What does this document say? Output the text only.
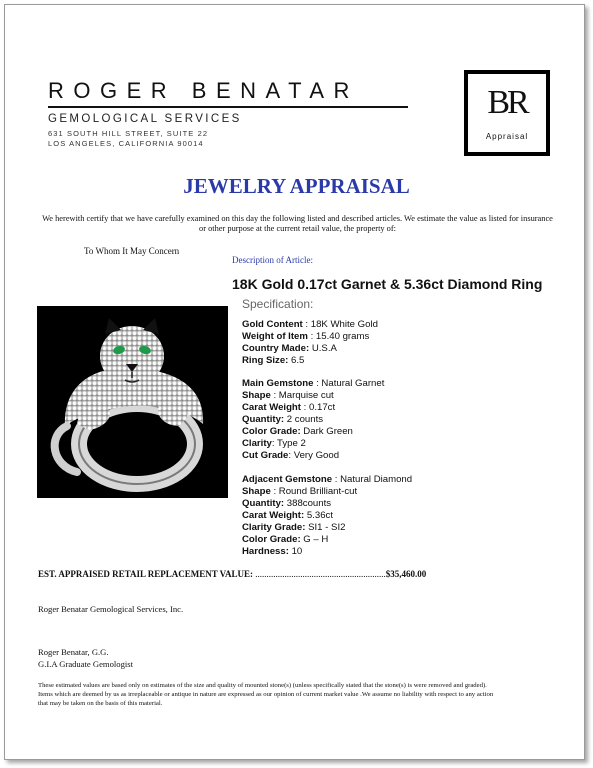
ROGER BENATAR
GEMOLOGICAL SERVICES
631 SOUTH HILL STREET, SUITE 22
LOS ANGELES, CALIFORNIA 90014
BR
Appraisal
JEWELRY APPRAISAL
We herewith certify that we have carefully examined on this day the following listed and described articles. We estimate the value as listed for insurance or other purpose at the current retail value, the property of:
To Whom It May Concern
Description of Article:
18K Gold 0.17ct Garnet & 5.36ct Diamond Ring
Specification:
Gold Content : 18K White Gold
Weight of Item : 15.40 grams
Country Made: U.S.A
Ring Size: 6.5
Main Gemstone : Natural Garnet
Shape : Marquise cut
Carat Weight : 0.17ct
Quantity: 2 counts
Color Grade: Dark Green
Clarity: Type 2
Cut Grade: Very Good
Adjacent Gemstone : Natural Diamond
Shape : Round Brilliant-cut
Quantity: 388counts
Carat Weight: 5.36ct
Clarity Grade: SI1 - SI2
Color Grade: G – H
Hardness: 10
EST. APPRAISED RETAIL REPLACEMENT VALUE: ..........................................................$35,460.00
Roger Benatar Gemological Services, Inc.
Roger Benatar, G.G.
G.I.A Graduate Gemologist
These estimated values are based only on estimates of the size and quality of mounted stone(s) (unless specifically stated that the stone(s) is were removed and graded). Items which are deemed by us as irreplaceable or antique in nature are expressed as our opinion of current market value .We assume no liability with respect to any action that may be taken on the basis of this material.
